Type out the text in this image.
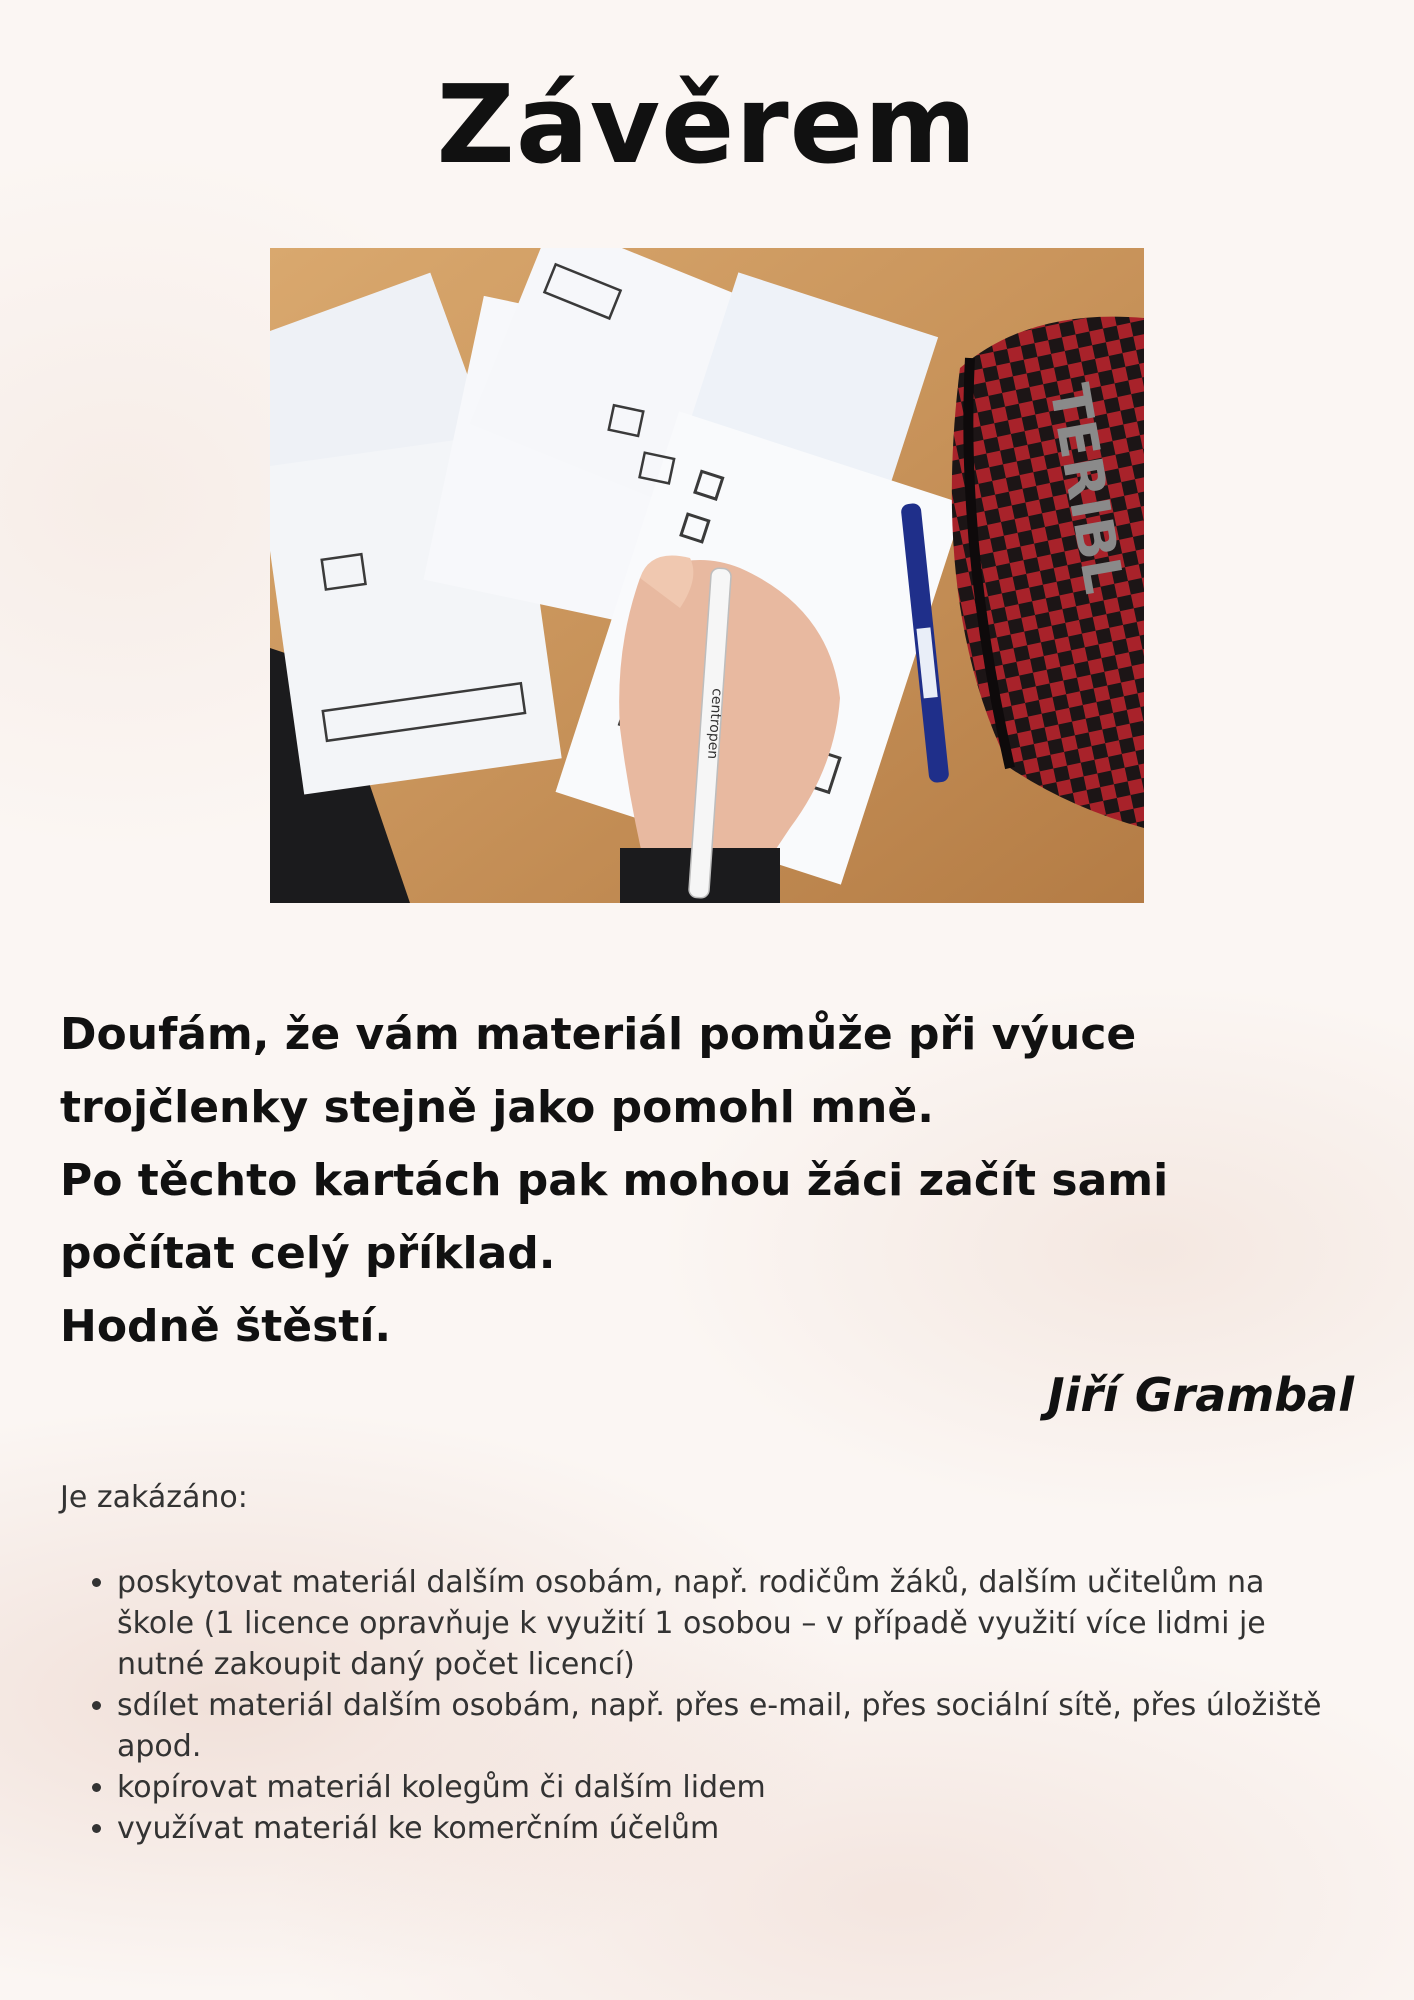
Závěrem
TERIBL
centropen
Doufám, že vám materiál pomůže při výuce
trojčlenky stejně jako pomohl mně.
Po těchto kartách pak mohou žáci začít sami
počítat celý příklad.
Hodně štěstí.

Jiří Grambal

Je zakázáno:

• poskytovat materiál dalším osobám, např. rodičům žáků, dalším učitelům na škole (1 licence opravňuje k využití 1 osobou – v případě využití více lidmi je nutné zakoupit daný počet licencí)
• sdílet materiál dalším osobám, např. přes e-mail, přes sociální sítě, přes úložiště apod.
• kopírovat materiál kolegům či dalším lidem
• využívat materiál ke komerčním účelům
